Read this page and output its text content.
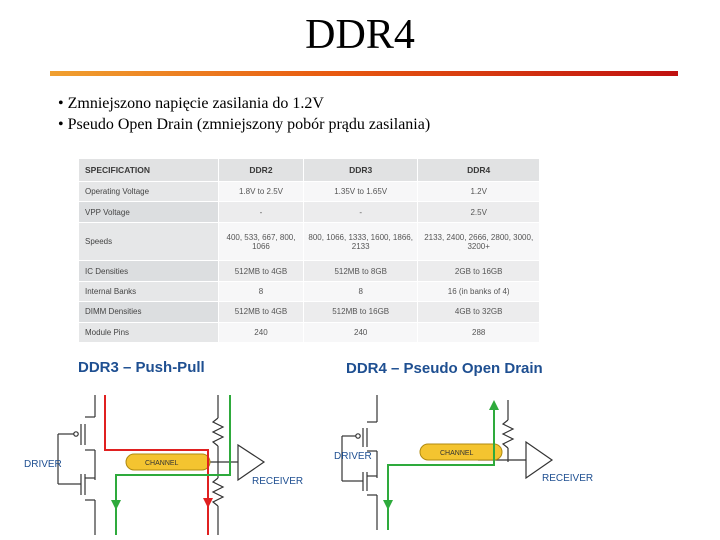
DDR4
• Zmniejszono napięcie zasilania do 1.2V
• Pseudo Open Drain (zmniejszony pobór prądu zasilania)
SPECIFICATION	DDR2	DDR3	DDR4
Operating Voltage	1.8V to 2.5V	1.35V to 1.65V	1.2V
VPP Voltage	-	-	2.5V
Speeds	400, 533, 667, 800, 1066	800, 1066, 1333, 1600, 1866, 2133	2133, 2400, 2666, 2800, 3000, 3200+
IC Densities	512MB to 4GB	512MB to 8GB	2GB to 16GB
Internal Banks	8	8	16 (in banks of 4)
DIMM Densities	512MB to 4GB	512MB to 16GB	4GB to 32GB
Module Pins	240	240	288
DDR3 – Push-Pull
CHANNEL
DRIVER
RECEIVER
DDR4 – Pseudo Open Drain
CHANNEL
DRIVER
RECEIVER
